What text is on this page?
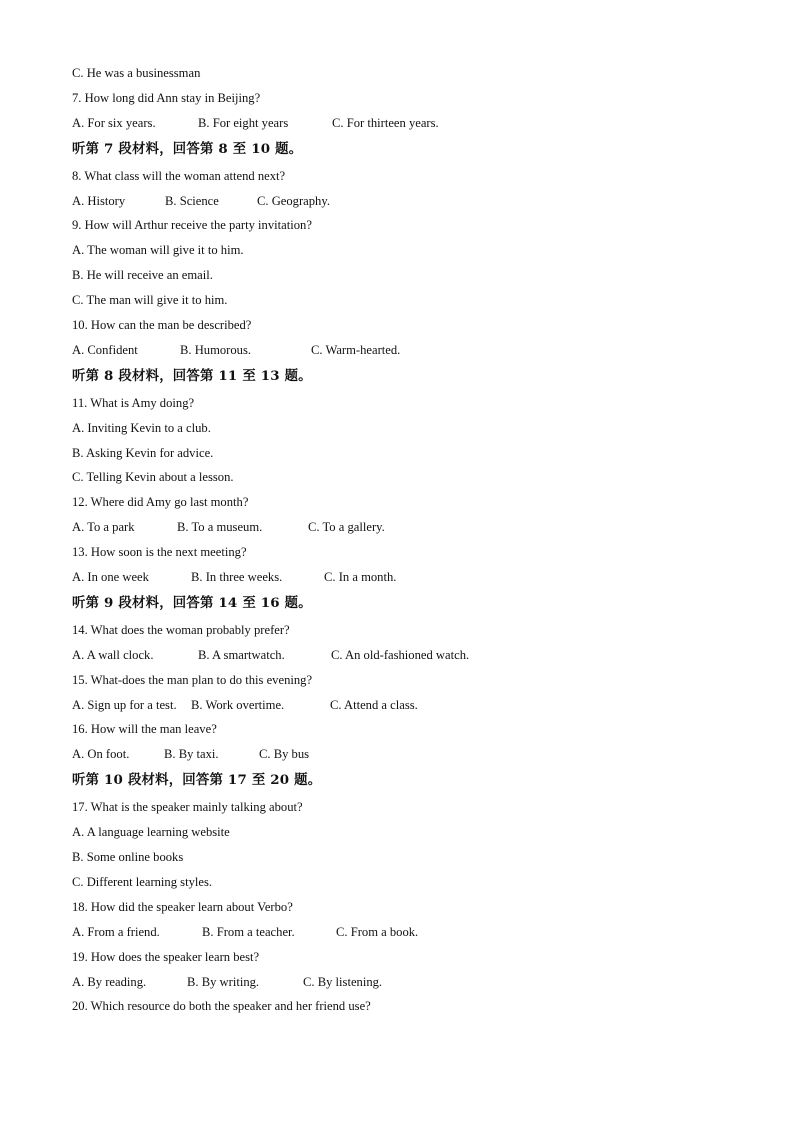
C. He was a businessman
7. How long did Ann stay in Beijing?
A. For six years.	B. For eight years	C. For thirteen years.
听第 7 段材料，回答第 8 至 10 题。
8. What class will the woman attend next?
A. History	B. Science	C. Geography.
9. How will Arthur receive the party invitation?
A. The woman will give it to him.
B. He will receive an email.
C. The man will give it to him.
10. How can the man be described?
A. Confident	B. Humorous.	C. Warm-hearted.
听第 8 段材料，回答第 11 至 13 题。
11. What is Amy doing?
A. Inviting Kevin to a club.
B. Asking Kevin for advice.
C. Telling Kevin about a lesson.
12. Where did Amy go last month?
A. To a park	B. To a museum.	C. To a gallery.
13. How soon is the next meeting?
A. In one week	B. In three weeks.	C. In a month.
听第 9 段材料，回答第 14 至 16 题。
14. What does the woman probably prefer?
A. A wall clock.	B. A smartwatch.	C. An old-fashioned watch.
15. What-does the man plan to do this evening?
A. Sign up for a test. B. Work overtime.	C. Attend a class.
16. How will the man leave?
A. On foot.	B. By taxi.	C. By bus
听第 10 段材料，回答第 17 至 20 题。
17. What is the speaker mainly talking about?
A. A language learning website
B. Some online books
C. Different learning styles.
18. How did the speaker learn about Verbo?
A. From a friend.	B. From a teacher.	C. From a book.
19. How does the speaker learn best?
A. By reading.	B. By writing.	C. By listening.
20. Which resource do both the speaker and her friend use?
